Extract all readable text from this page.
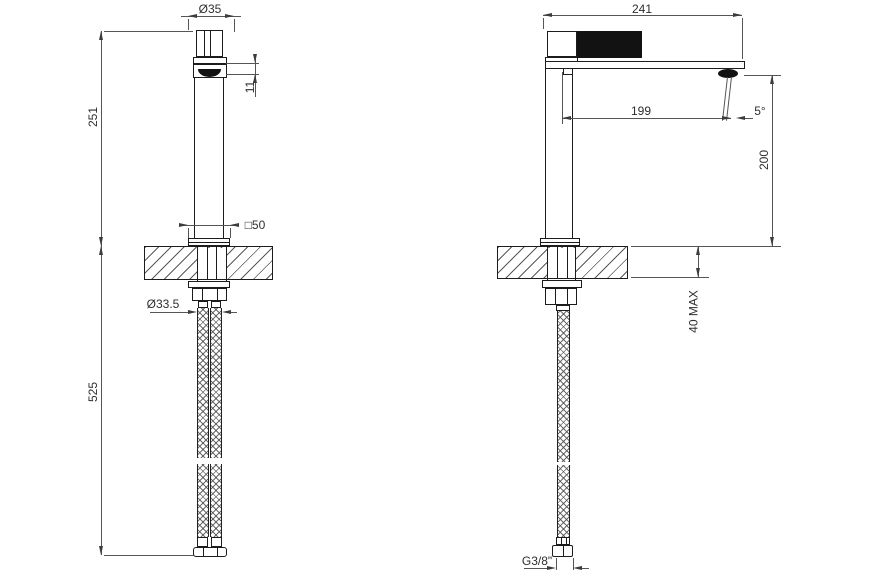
Ø35
251
525
11
□50
Ø33.5
241
199	5°
200
40 MAX
G3/8"
